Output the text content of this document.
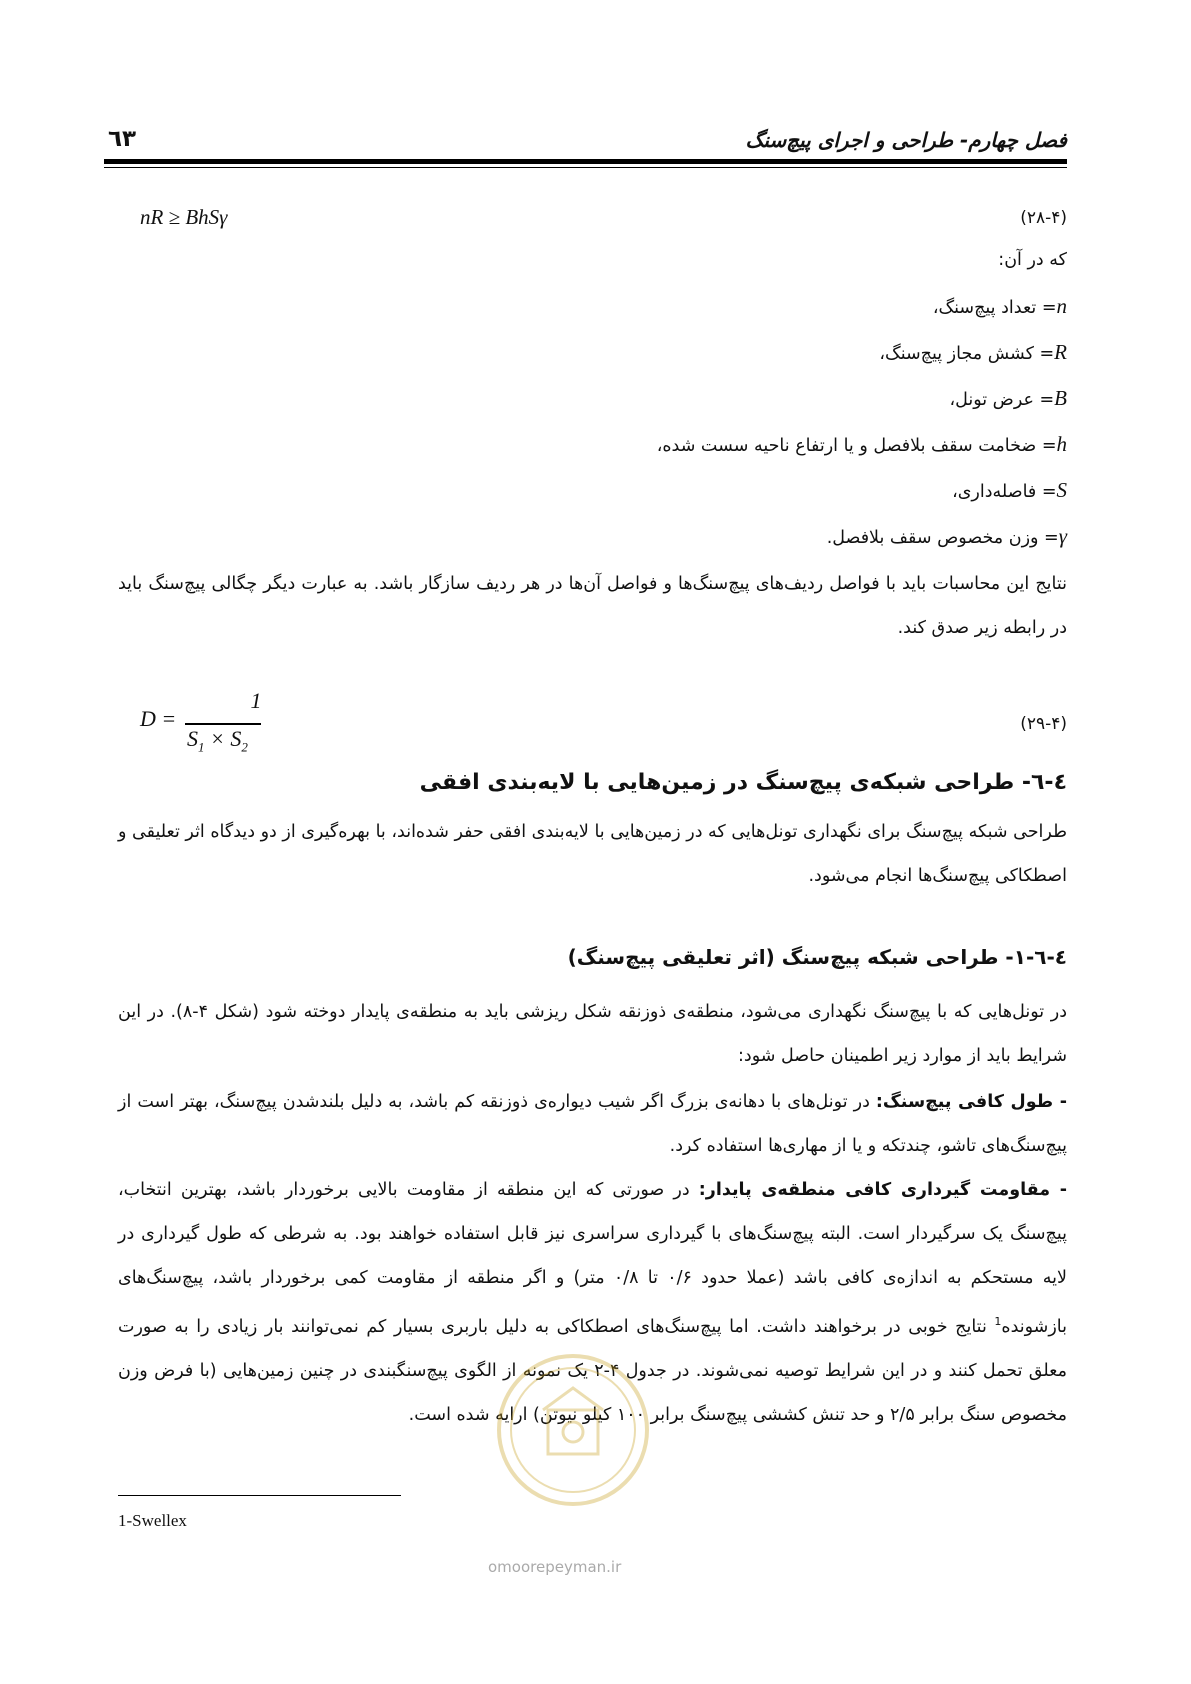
فصل چهارم- طراحی و اجرای پیچ‌سنگ
٦٣
nR ≥ BhSγ	(۲۸-۴)
که در آن:
n= تعداد پیچ‌سنگ،
R= کشش مجاز پیچ‌سنگ،
B= عرض تونل،
h= ضخامت سقف بلافصل و یا ارتفاع ناحیه سست شده،
S= فاصله‌داری،
γ= وزن مخصوص سقف بلافصل.

نتایج این محاسبات باید با فواصل ردیف‌های پیچ‌سنگ‌ها و فواصل آن‌ها در هر ردیف سازگار باشد. به عبارت دیگر چگالی پیچ‌سنگ باید در رابطه زیر صدق کند.

D =
1
$S_1 \times S_2$
(۲۹-۴)
٤-٦- طراحی شبکه‌ی پیچ‌سنگ در زمین‌هایی با لایه‌بندی افقی

طراحی شبکه پیچ‌سنگ برای نگهداری تونل‌هایی که در زمین‌هایی با لایه‌بندی افقی حفر شده‌اند، با بهره‌گیری از دو دیدگاه اثر تعلیقی و اصطکاکی پیچ‌سنگ‌ها انجام می‌شود.

٤-٦-١- طراحی شبکه پیچ‌سنگ (اثر تعلیقی پیچ‌سنگ)

در تونل‌هایی که با پیچ‌سنگ نگهداری می‌شود، منطقه‌ی ذوزنقه شکل ریزشی باید به منطقه‌ی پایدار دوخته شود (شکل ۴-۸). در این شرایط باید از موارد زیر اطمینان حاصل شود:

- طول کافی پیچ‌سنگ: در تونل‌های با دهانه‌ی بزرگ اگر شیب دیواره‌ی ذوزنقه کم باشد، به دلیل بلندشدن پیچ‌سنگ، بهتر است از پیچ‌سنگ‌های تاشو، چندتکه و یا از مهاری‌ها استفاده کرد.

- مقاومت گیرداری کافی منطقه‌ی پایدار: در صورتی که این منطقه از مقاومت بالایی برخوردار باشد، بهترین انتخاب، پیچ‌سنگ یک سرگیردار است. البته پیچ‌سنگ‌های با گیرداری سراسری نیز قابل استفاده خواهند بود. به شرطی که طول گیرداری در لایه مستحکم به اندازه‌ی کافی باشد (عملا حدود ۰/۶ تا ۰/۸ متر) و اگر منطقه از مقاومت کمی برخوردار باشد، پیچ‌سنگ‌های بازشونده$^1$ نتایج خوبی در برخواهند داشت. اما پیچ‌سنگ‌های اصطکاکی به دلیل باربری بسیار کم نمی‌توانند بار زیادی را به صورت معلق تحمل کنند و در این شرایط توصیه نمی‌شوند. در جدول ۴-۲ یک نمونه از الگوی پیچ‌سنگبندی در چنین زمین‌هایی (با فرض وزن مخصوص سنگ برابر ۲/۵ و حد تنش کششی پیچ‌سنگ برابر ۱۰۰ کیلو نیوتن) ارایه شده است.

1-Swellex
omoorepeyman.ir
